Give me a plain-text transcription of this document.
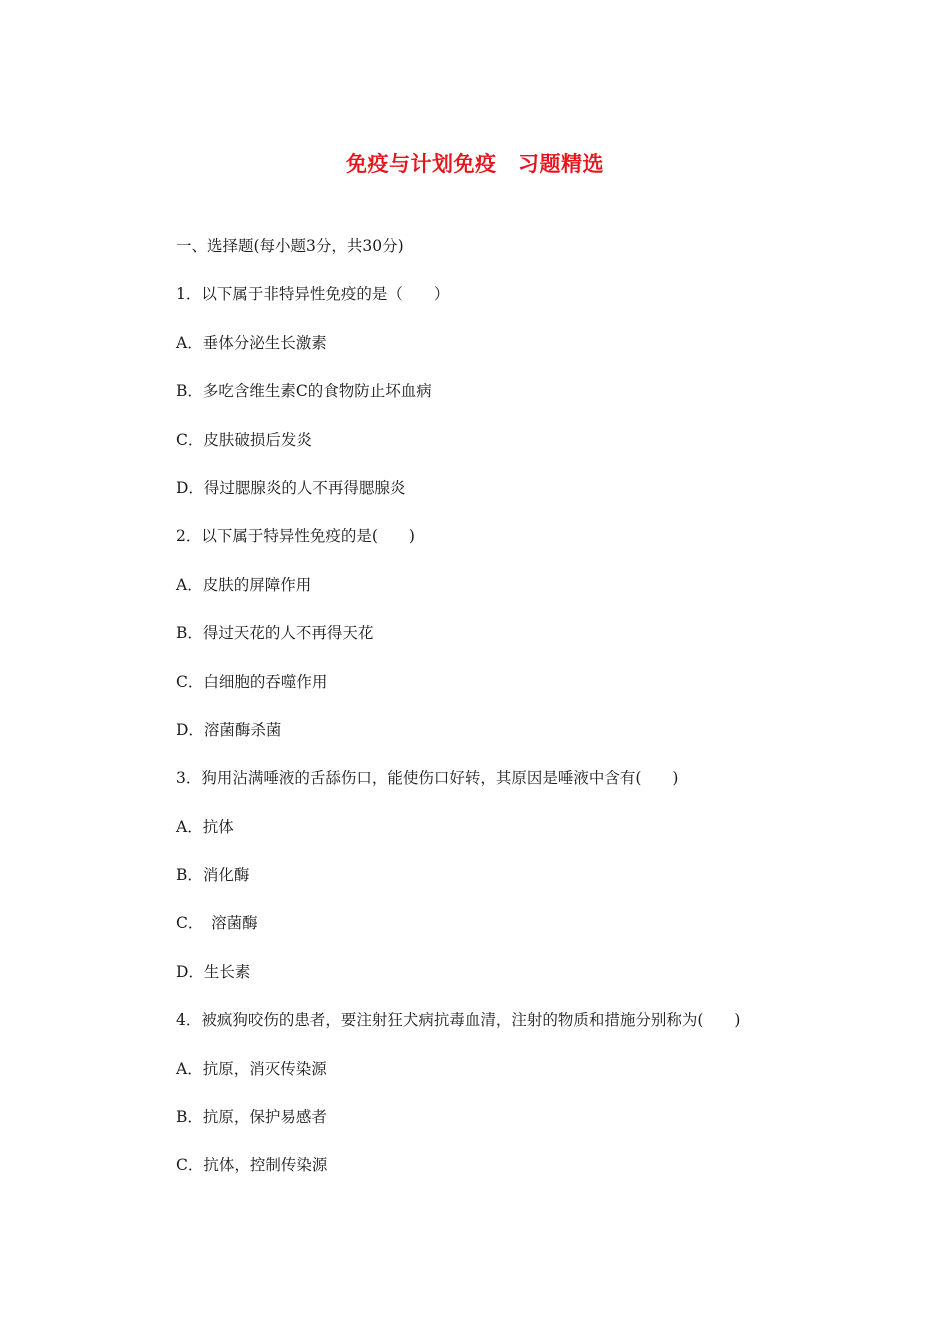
免疫与计划免疫　习题精选
一、选择题(每小题3分，共30分)
1．以下属于非特异性免疫的是（　　）
A．垂体分泌生长激素
B．多吃含维生素C的食物防止坏血病
C．皮肤破损后发炎
D．得过腮腺炎的人不再得腮腺炎
2．以下属于特异性免疫的是(　　)
A．皮肤的屏障作用
B．得过天花的人不再得天花
C．白细胞的吞噬作用
D．溶菌酶杀菌
3．狗用沾满唾液的舌舔伤口，能使伤口好转，其原因是唾液中含有(　　)
A．抗体
B．消化酶
C．　溶菌酶
D．生长素
4．被疯狗咬伤的患者，要注射狂犬病抗毒血清，注射的物质和措施分别称为(　　)
A．抗原，消灭传染源
B．抗原，保护易感者
C．抗体，控制传染源
